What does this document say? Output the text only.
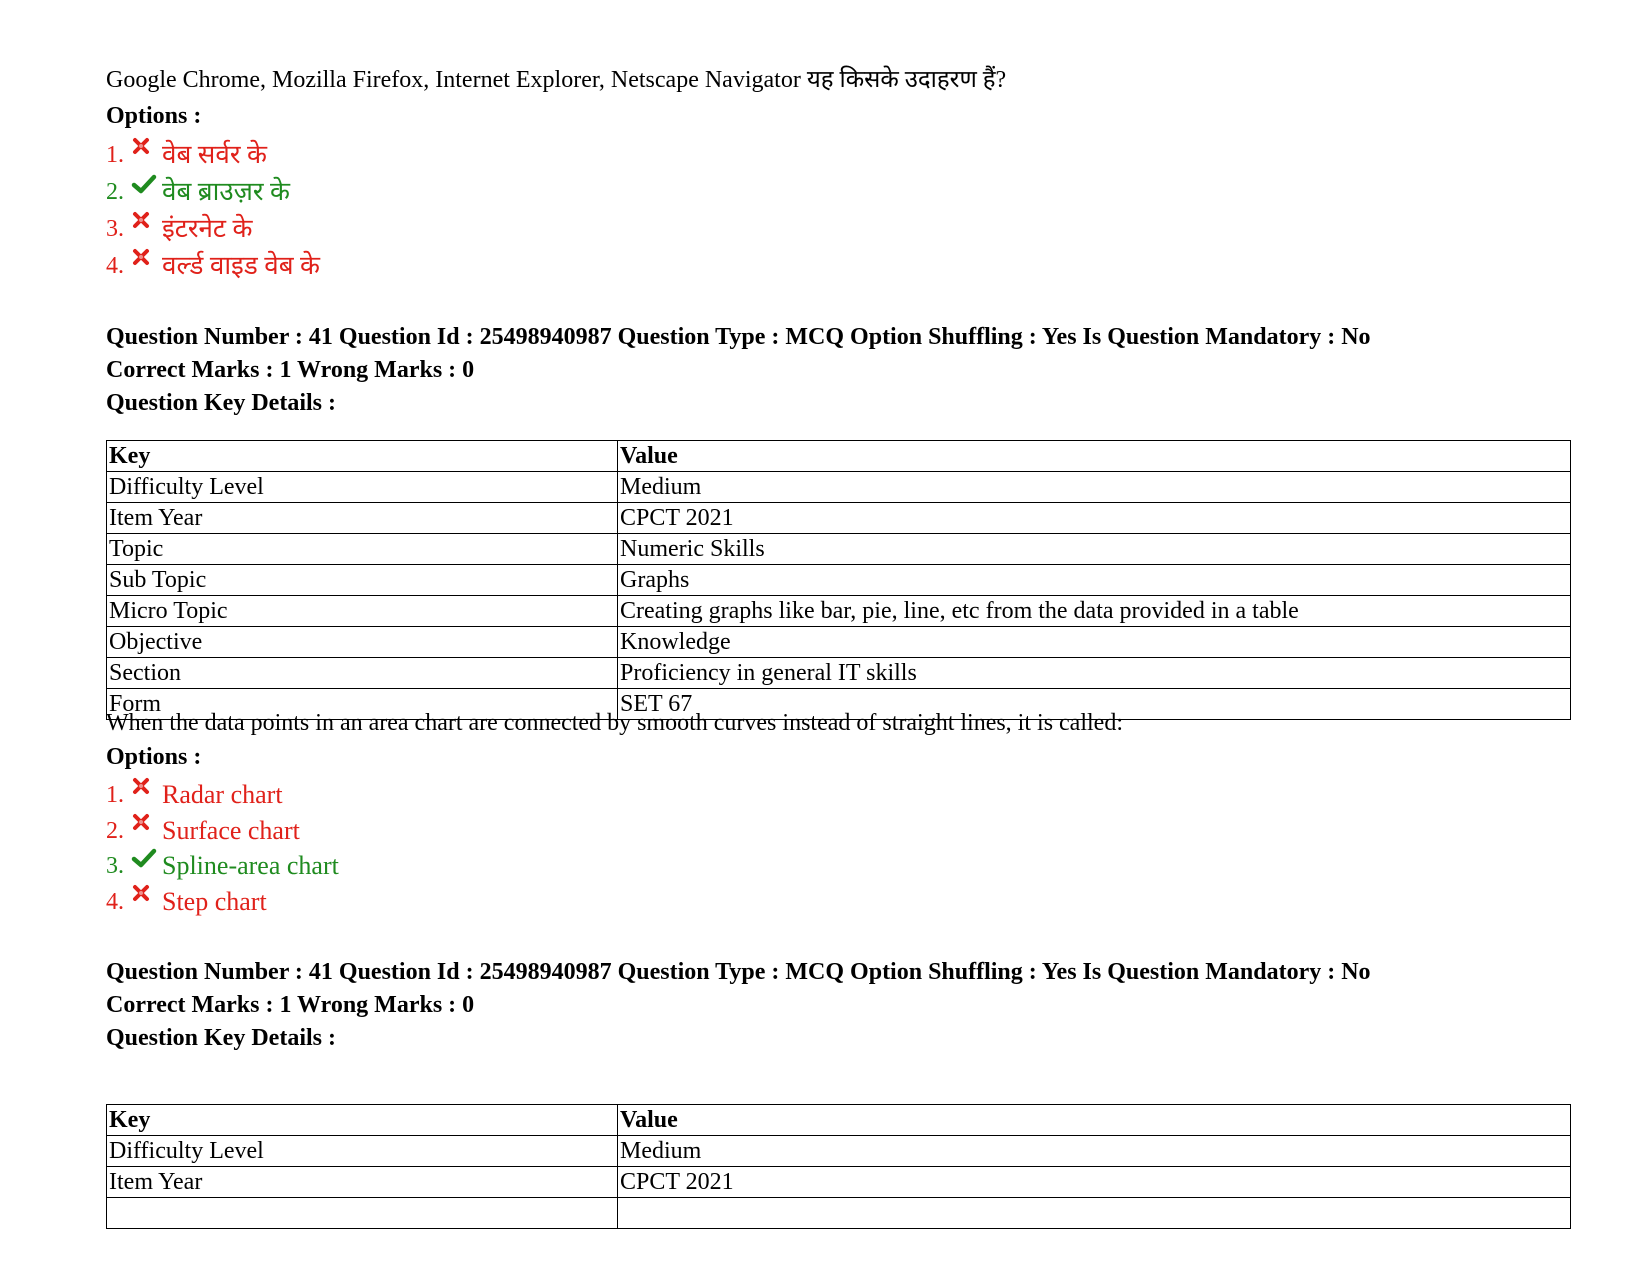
Google Chrome, Mozilla Firefox, Internet Explorer, Netscape Navigator यह किसके उदाहरण हैं?
Options :
1.	वेब सर्वर के
2.	वेब ब्राउज़र के
3.	इंटरनेट के
4.	वर्ल्ड वाइड वेब के
Question Number : 41 Question Id : 25498940987 Question Type : MCQ Option Shuffling : Yes Is Question Mandatory : No
Correct Marks : 1 Wrong Marks : 0
Question Key Details :
Key	Value
Difficulty Level	Medium
Item Year	CPCT 2021
Topic	Numeric Skills
Sub Topic	Graphs
Micro Topic	Creating graphs like bar, pie, line, etc from the data provided in a table
Objective	Knowledge
Section	Proficiency in general IT skills
Form	SET 67
When the data points in an area chart are connected by smooth curves instead of straight lines, it is called:
Options :
1.	Radar chart
2.	Surface chart
3.	Spline-area chart
4.	Step chart
Question Number : 41 Question Id : 25498940987 Question Type : MCQ Option Shuffling : Yes Is Question Mandatory : No
Correct Marks : 1 Wrong Marks : 0
Question Key Details :
Key	Value
Difficulty Level	Medium
Item Year	CPCT 2021
